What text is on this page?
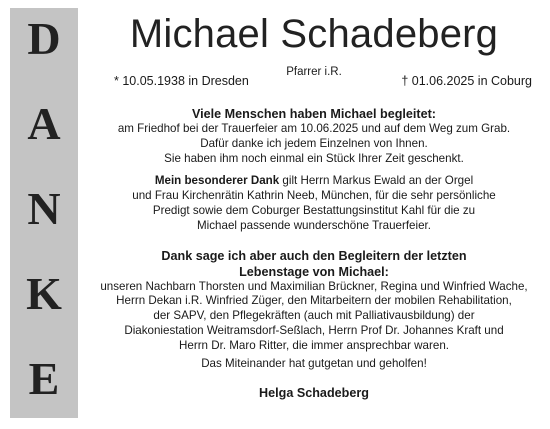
D
A
N
K
E
Michael Schadeberg
Pfarrer i.R.
* 10.05.1938 in Dresden	† 01.06.2025 in Coburg

Viele Menschen haben Michael begleitet:

am Friedhof bei der Trauerfeier am 10.06.2025 und auf dem Weg zum Grab.

Dafür danke ich jedem Einzelnen von Ihnen.

Sie haben ihm noch einmal ein Stück Ihrer Zeit geschenkt.

Mein besonderer Dank gilt Herrn Markus Ewald an der Orgel

und Frau Kirchenrätin Kathrin Neeb, München, für die sehr persönliche

Predigt sowie dem Coburger Bestattungsinstitut Kahl für die zu

Michael passende wunderschöne Trauerfeier.

Dank sage ich aber auch den Begleitern der letzten

Lebenstage von Michael:

unseren Nachbarn Thorsten und Maximilian Brückner, Regina und Winfried Wache,

Herrn Dekan i.R. Winfried Züger, den Mitarbeitern der mobilen Rehabilitation,

der SAPV, den Pflegekräften (auch mit Palliativausbildung) der

Diakoniestation Weitramsdorf-Seßlach, Herrn Prof Dr. Johannes Kraft und

Herrn Dr. Maro Ritter, die immer ansprechbar waren.

Das Miteinander hat gutgetan und geholfen!

Helga Schadeberg
